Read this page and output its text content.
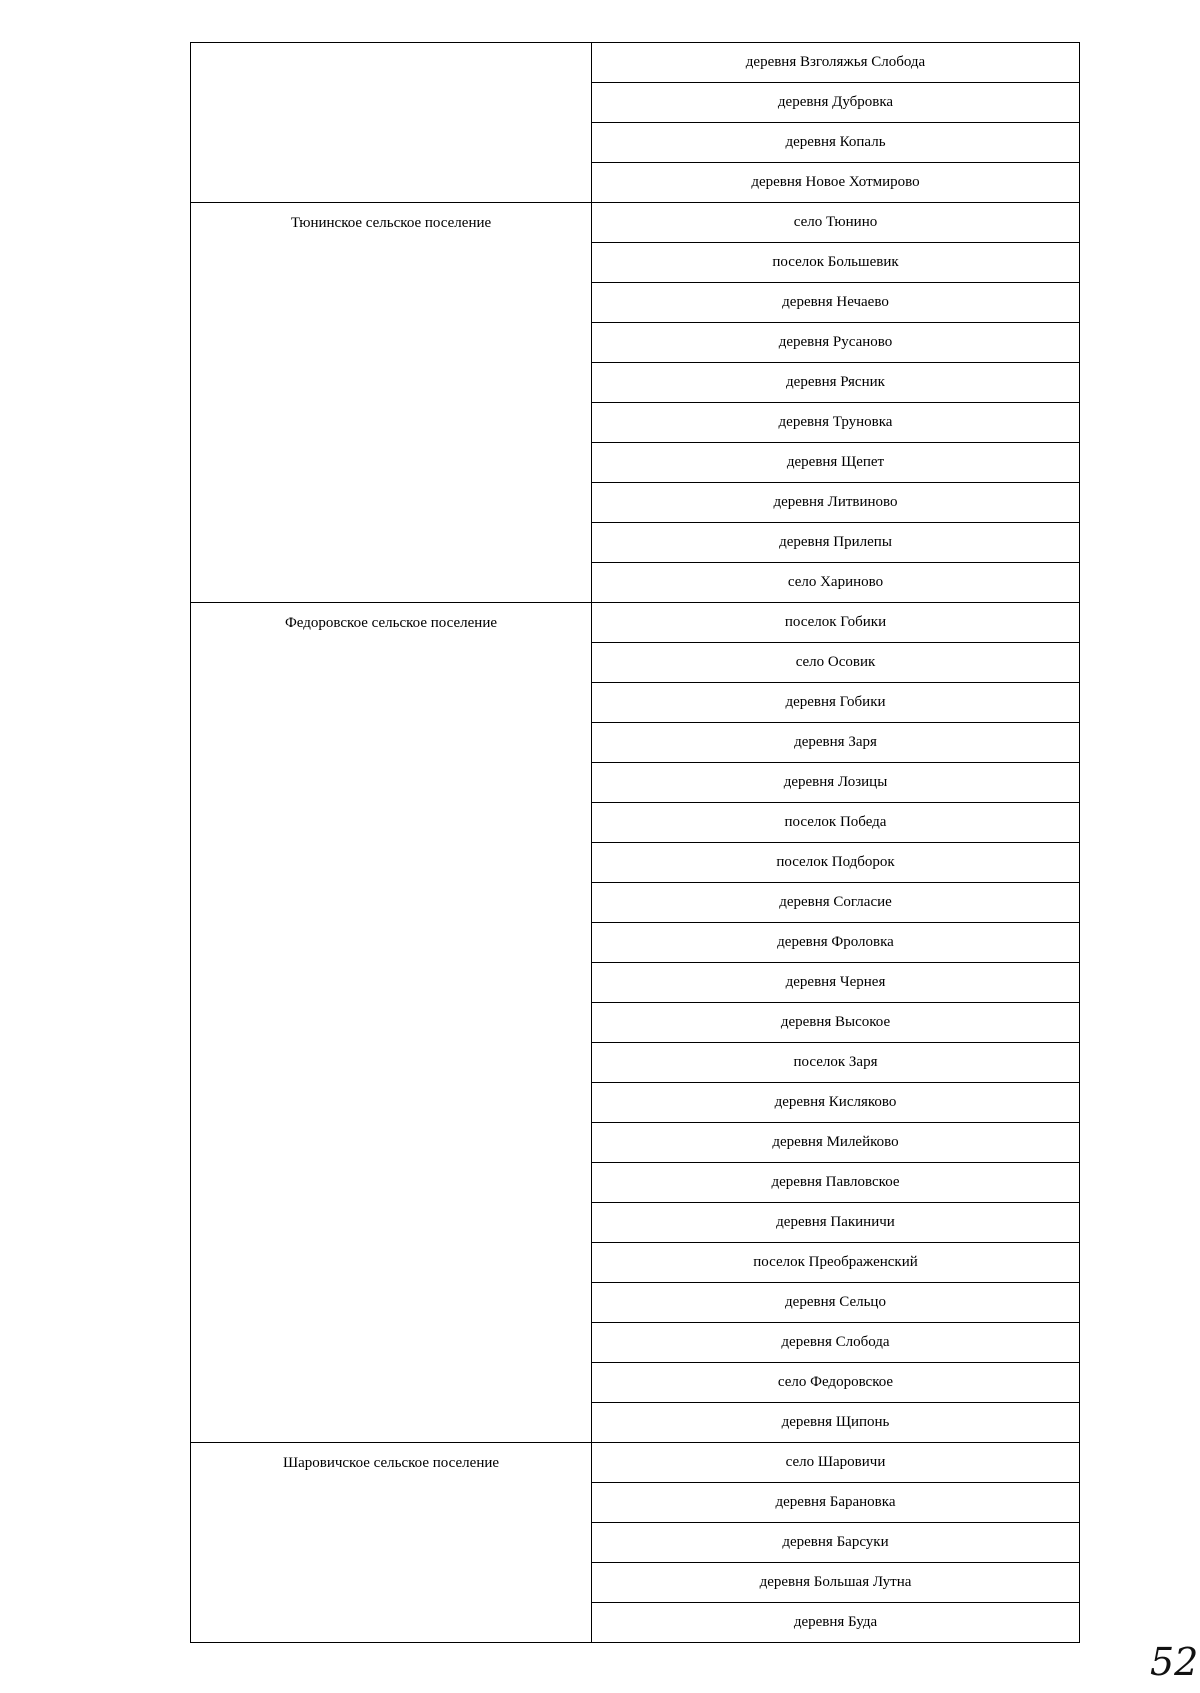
	деревня Взголяжья Слобода
	деревня Дубровка
	деревня Копаль
	деревня Новое Хотмирово
Тюнинское сельское поселение	село Тюнино
	поселок Большевик
	деревня Нечаево
	деревня Русаново
	деревня Рясник
	деревня Труновка
	деревня Щепет
	деревня Литвиново
	деревня Прилепы
	село Хариново
Федоровское сельское поселение	поселок Гобики
	село Осовик
	деревня Гобики
	деревня Заря
	деревня Лозицы
	поселок Победа
	поселок Подборок
	деревня Согласие
	деревня Фроловка
	деревня Чернея
	деревня Высокое
	поселок Заря
	деревня Кисляково
	деревня Милейково
	деревня Павловское
	деревня Пакиничи
	поселок Преображенский
	деревня Сельцо
	деревня Слобода
	село Федоровское
	деревня Щипонь
Шаровичское сельское поселение	село Шаровичи
	деревня Барановка
	деревня Барсуки
	деревня Большая Лутна
	деревня Буда
52
